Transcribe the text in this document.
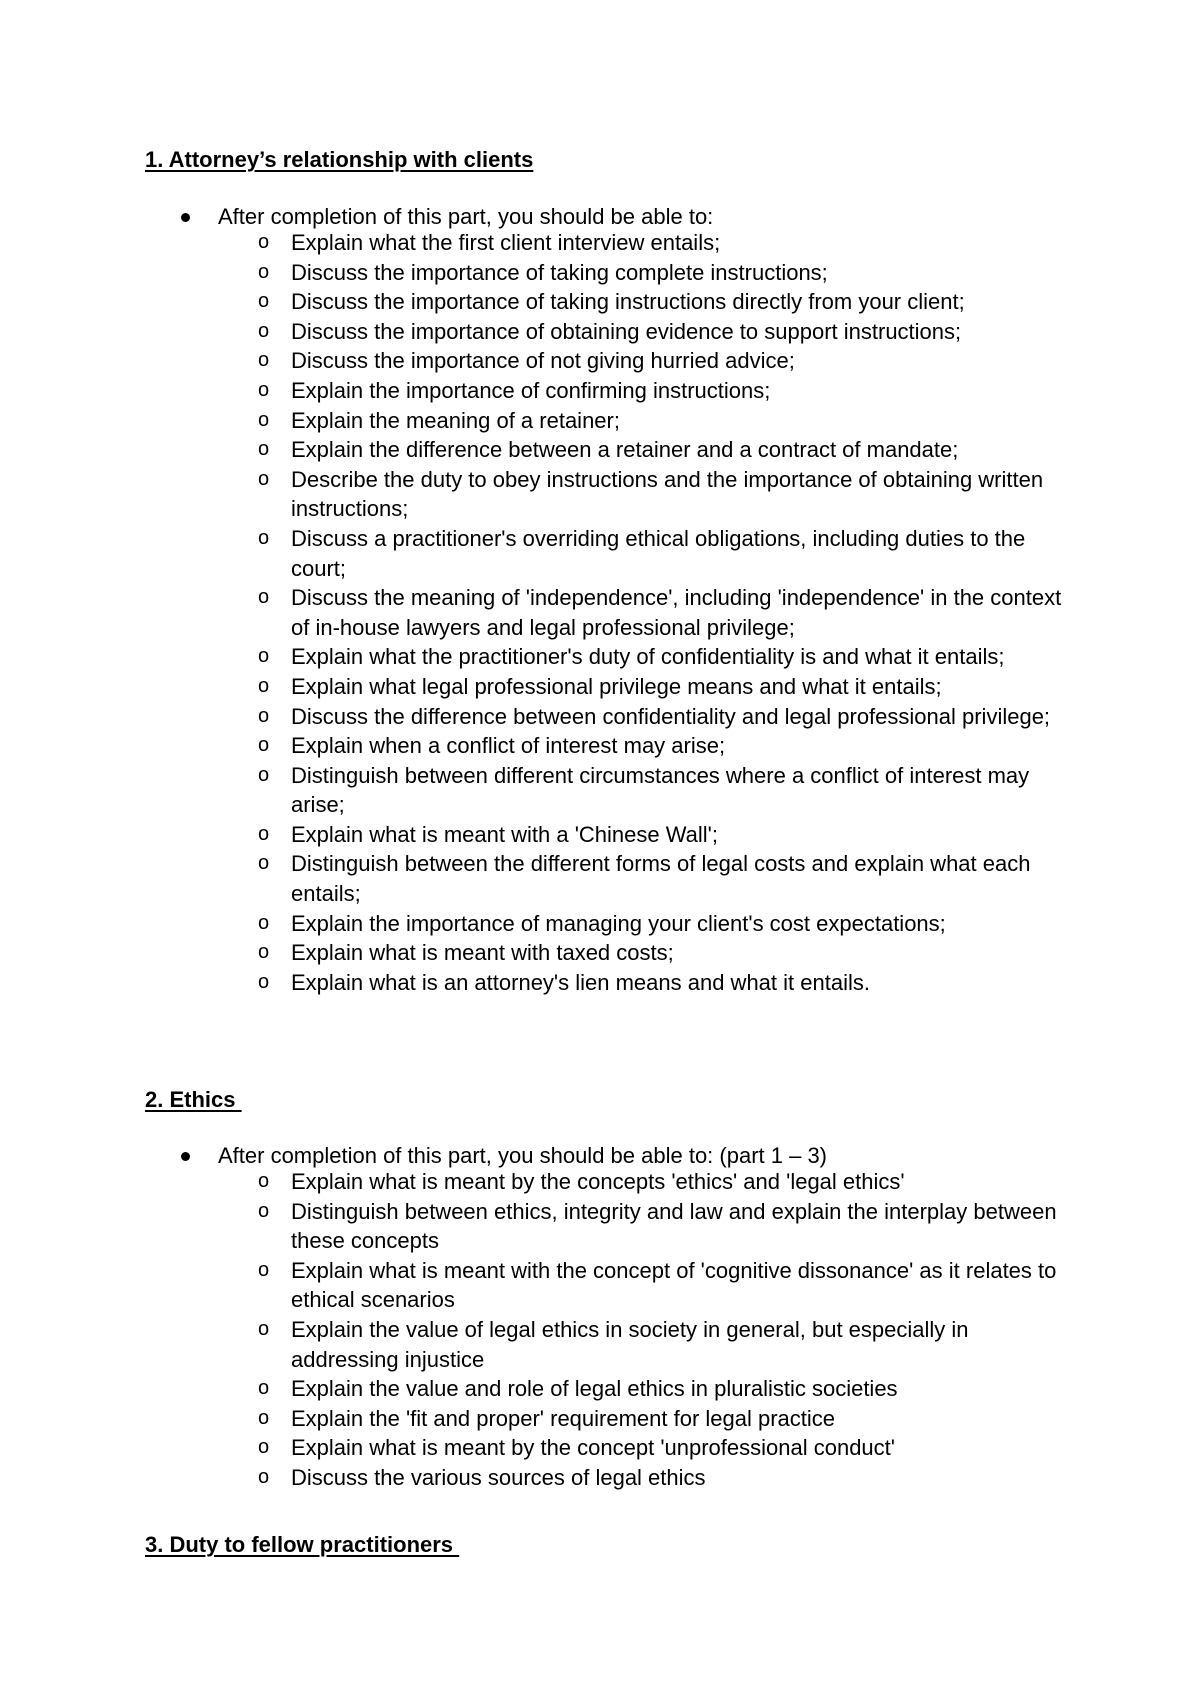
1. Attorney’s relationship with clients
After completion of this part, you should be able to:
o Explain what the first client interview entails;
o Discuss the importance of taking complete instructions;
o Discuss the importance of taking instructions directly from your client;
o Discuss the importance of obtaining evidence to support instructions;
o Discuss the importance of not giving hurried advice;
o Explain the importance of confirming instructions;
o Explain the meaning of a retainer;
o Explain the difference between a retainer and a contract of mandate;
o Describe the duty to obey instructions and the importance of obtaining written instructions;
o Discuss a practitioner's overriding ethical obligations, including duties to the court;
o Discuss the meaning of 'independence', including 'independence' in the context of in-house lawyers and legal professional privilege;
o Explain what the practitioner's duty of confidentiality is and what it entails;
o Explain what legal professional privilege means and what it entails;
o Discuss the difference between confidentiality and legal professional privilege;
o Explain when a conflict of interest may arise;
o Distinguish between different circumstances where a conflict of interest may arise;
o Explain what is meant with a 'Chinese Wall';
o Distinguish between the different forms of legal costs and explain what each entails;
o Explain the importance of managing your client's cost expectations;
o Explain what is meant with taxed costs;
o Explain what is an attorney's lien means and what it entails.
2. Ethics
After completion of this part, you should be able to: (part 1 – 3)
o Explain what is meant by the concepts 'ethics' and 'legal ethics'
o Distinguish between ethics, integrity and law and explain the interplay between these concepts
o Explain what is meant with the concept of 'cognitive dissonance' as it relates to ethical scenarios
o Explain the value of legal ethics in society in general, but especially in addressing injustice
o Explain the value and role of legal ethics in pluralistic societies
o Explain the 'fit and proper' requirement for legal practice
o Explain what is meant by the concept 'unprofessional conduct'
o Discuss the various sources of legal ethics
3. Duty to fellow practitioners
